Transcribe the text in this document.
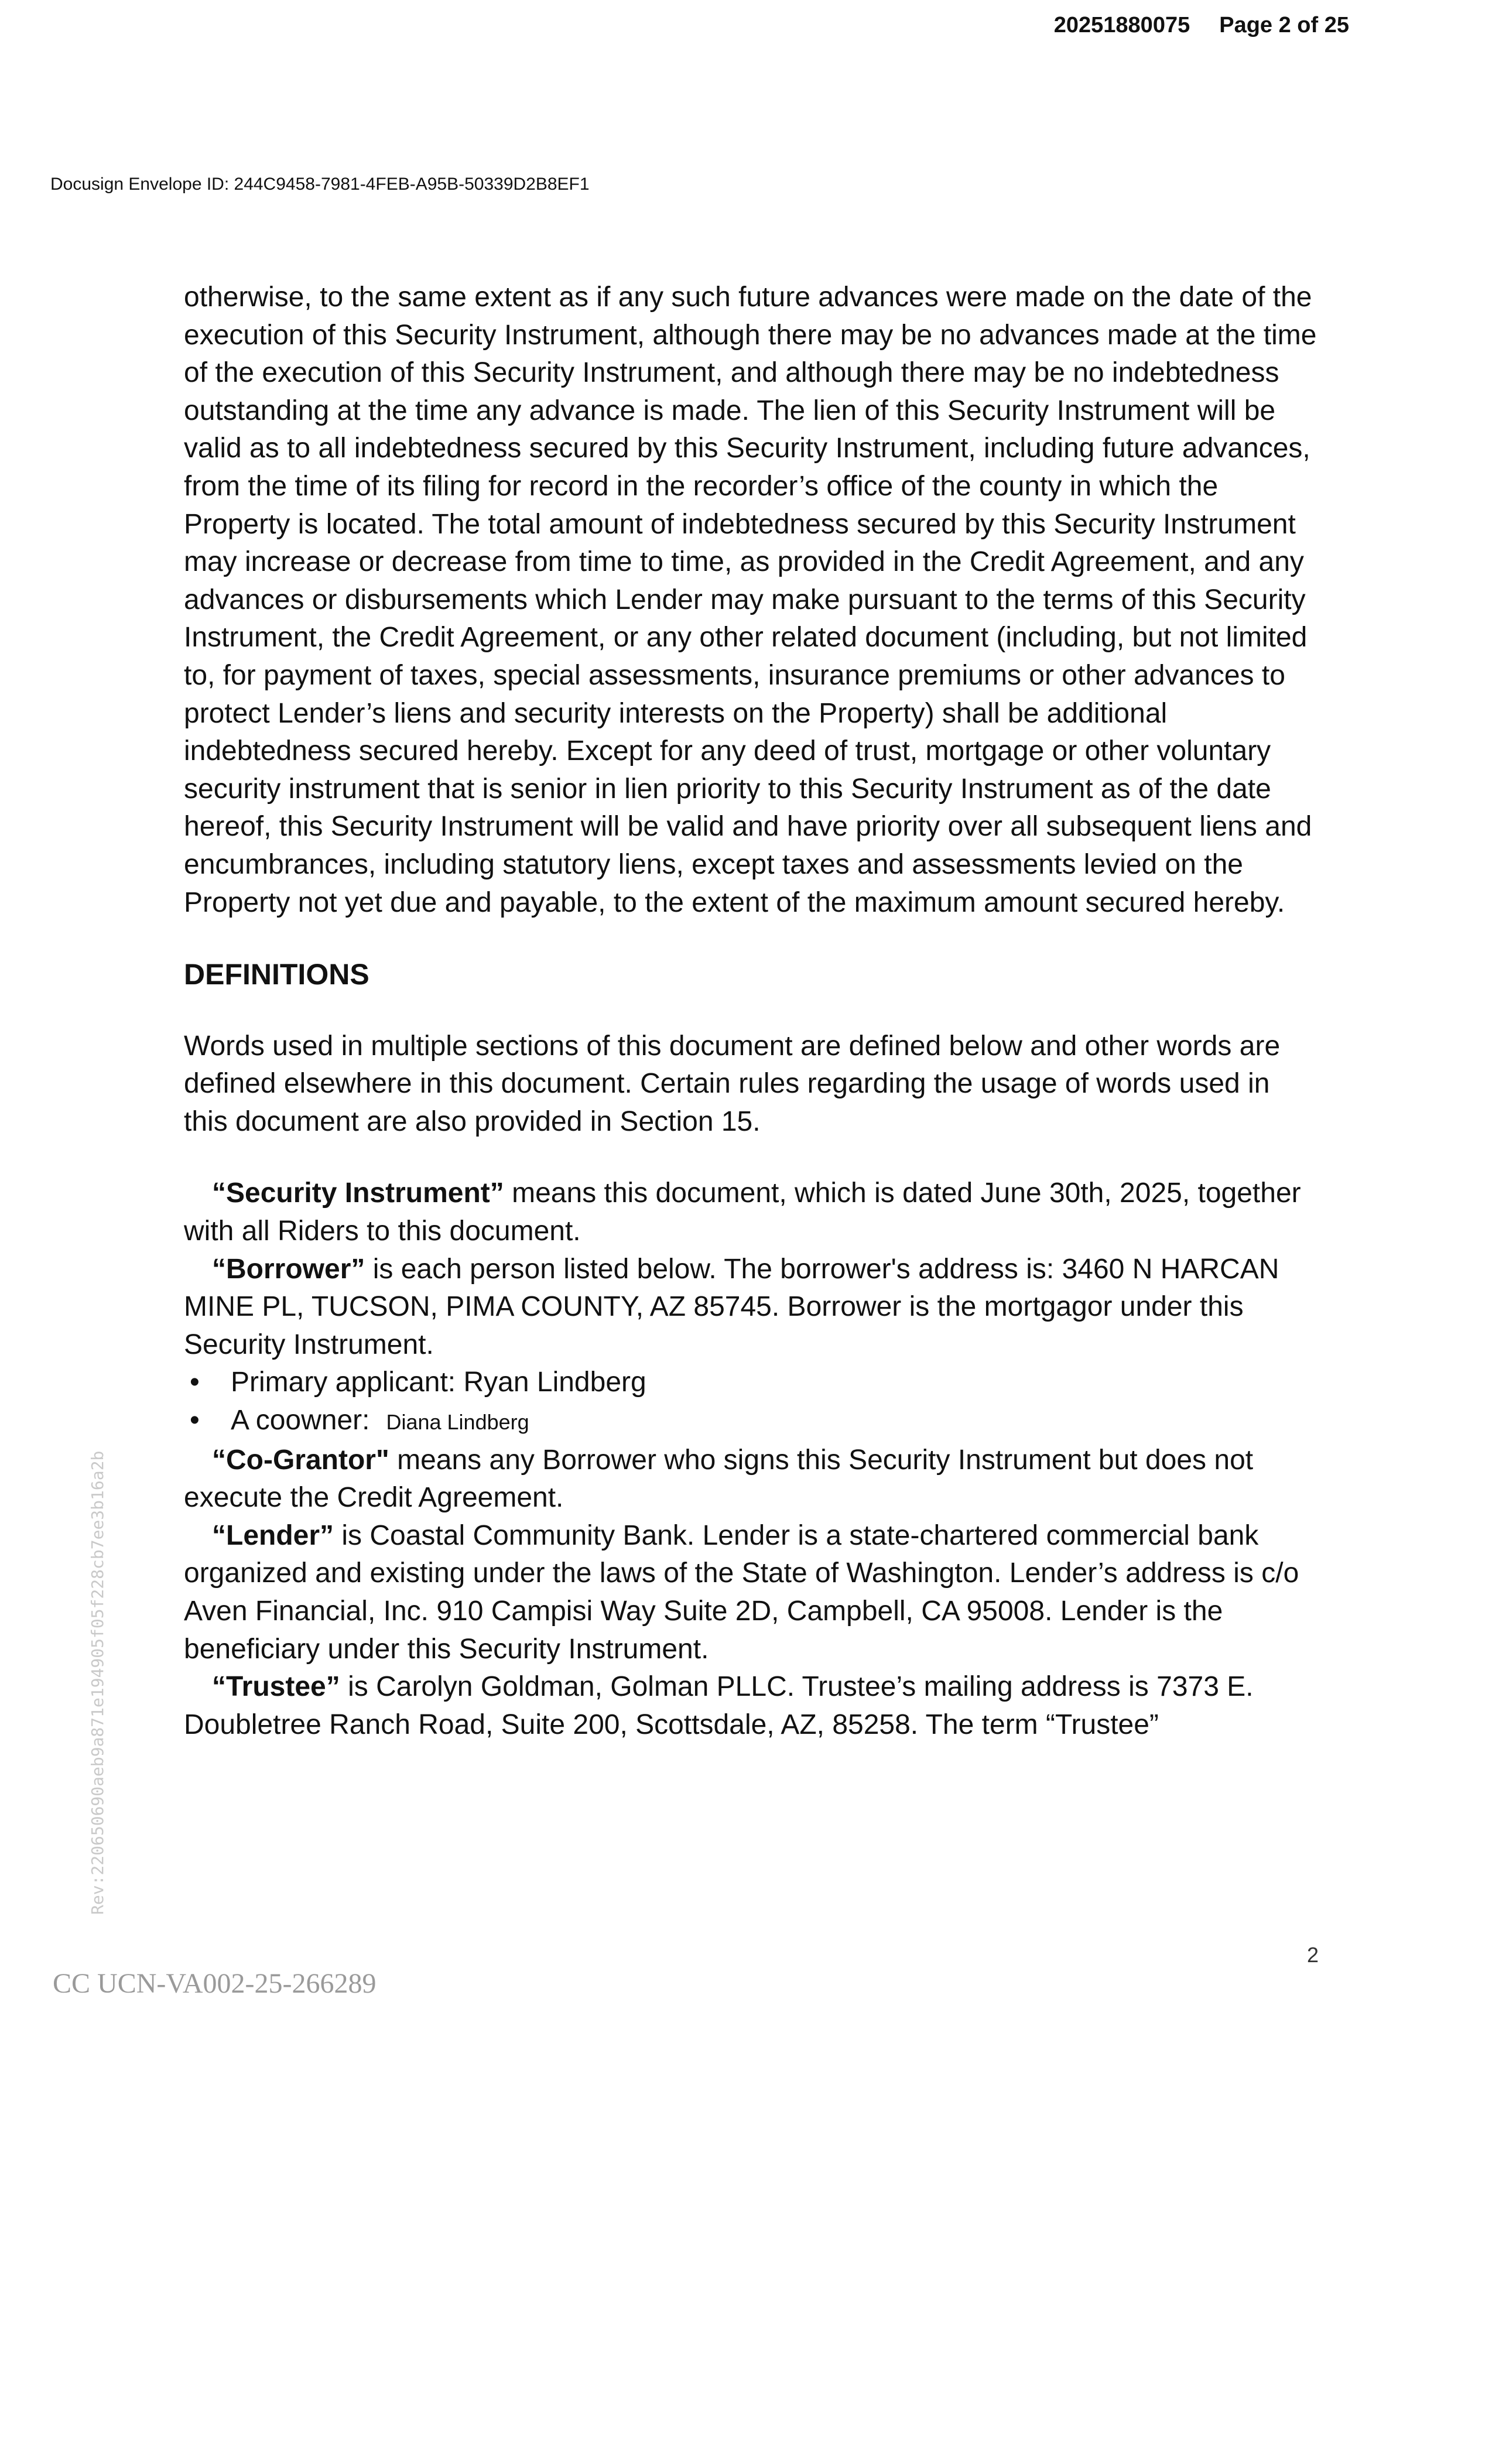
20251880075 Page 2 of 25
Docusign Envelope ID: 244C9458-7981-4FEB-A95B-50339D2B8EF1

otherwise, to the same extent as if any such future advances were made on the date of the execution of this Security Instrument, although there may be no advances made at the time of the execution of this Security Instrument, and although there may be no indebtedness outstanding at the time any advance is made. The lien of this Security Instrument will be valid as to all indebtedness secured by this Security Instrument, including future advances, from the time of its filing for record in the recorder’s office of the county in which the Property is located. The total amount of indebtedness secured by this Security Instrument may increase or decrease from time to time, as provided in the Credit Agreement, and any advances or disbursements which Lender may make pursuant to the terms of this Security Instrument, the Credit Agreement, or any other related document (including, but not limited to, for payment of taxes, special assessments, insurance premiums or other advances to protect Lender’s liens and security interests on the Property) shall be additional indebtedness secured hereby. Except for any deed of trust, mortgage or other voluntary security instrument that is senior in lien priority to this Security Instrument as of the date hereof, this Security Instrument will be valid and have priority over all subsequent liens and encumbrances, including statutory liens, except taxes and assessments levied on the Property not yet due and payable, to the extent of the maximum amount secured hereby.

DEFINITIONS

Words used in multiple sections of this document are defined below and other words are defined elsewhere in this document. Certain rules regarding the usage of words used in this document are also provided in Section 15.

“Security Instrument” means this document, which is dated June 30th, 2025, together with all Riders to this document.

“Borrower” is each person listed below. The borrower's address is: 3460 N HARCAN MINE PL, TUCSON, PIMA COUNTY, AZ 85745. Borrower is the mortgagor under this Security Instrument.

• Primary applicant: Ryan Lindberg
• A coowner: Diana Lindberg

“Co-Grantor" means any Borrower who signs this Security Instrument but does not execute the Credit Agreement.

“Lender” is Coastal Community Bank. Lender is a state-chartered commercial bank organized and existing under the laws of the State of Washington. Lender’s address is c/o Aven Financial, Inc. 910 Campisi Way Suite 2D, Campbell, CA 95008. Lender is the beneficiary under this Security Instrument.

“Trustee” is Carolyn Goldman, Golman PLLC. Trustee’s mailing address is 7373 E. Doubletree Ranch Road, Suite 200, Scottsdale, AZ, 85258. The term “Trustee”

Rev:220650690aeb9a871e194905f05f228cb7ee3b16a2b
2
CC UCN-VA002-25-266289
